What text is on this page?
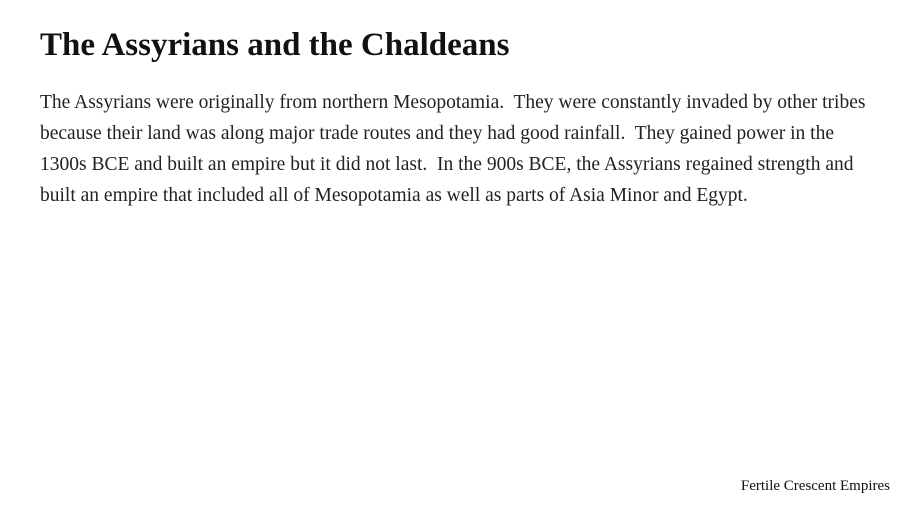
The Assyrians and the Chaldeans

The Assyrians were originally from northern Mesopotamia.  They were constantly invaded by other tribes because their land was along major trade routes and they had good rainfall.  They gained power in the 1300s BCE and built an empire but it did not last.  In the 900s BCE, the Assyrians regained strength and built an empire that included all of Mesopotamia as well as parts of Asia Minor and Egypt.

Fertile Crescent Empires
